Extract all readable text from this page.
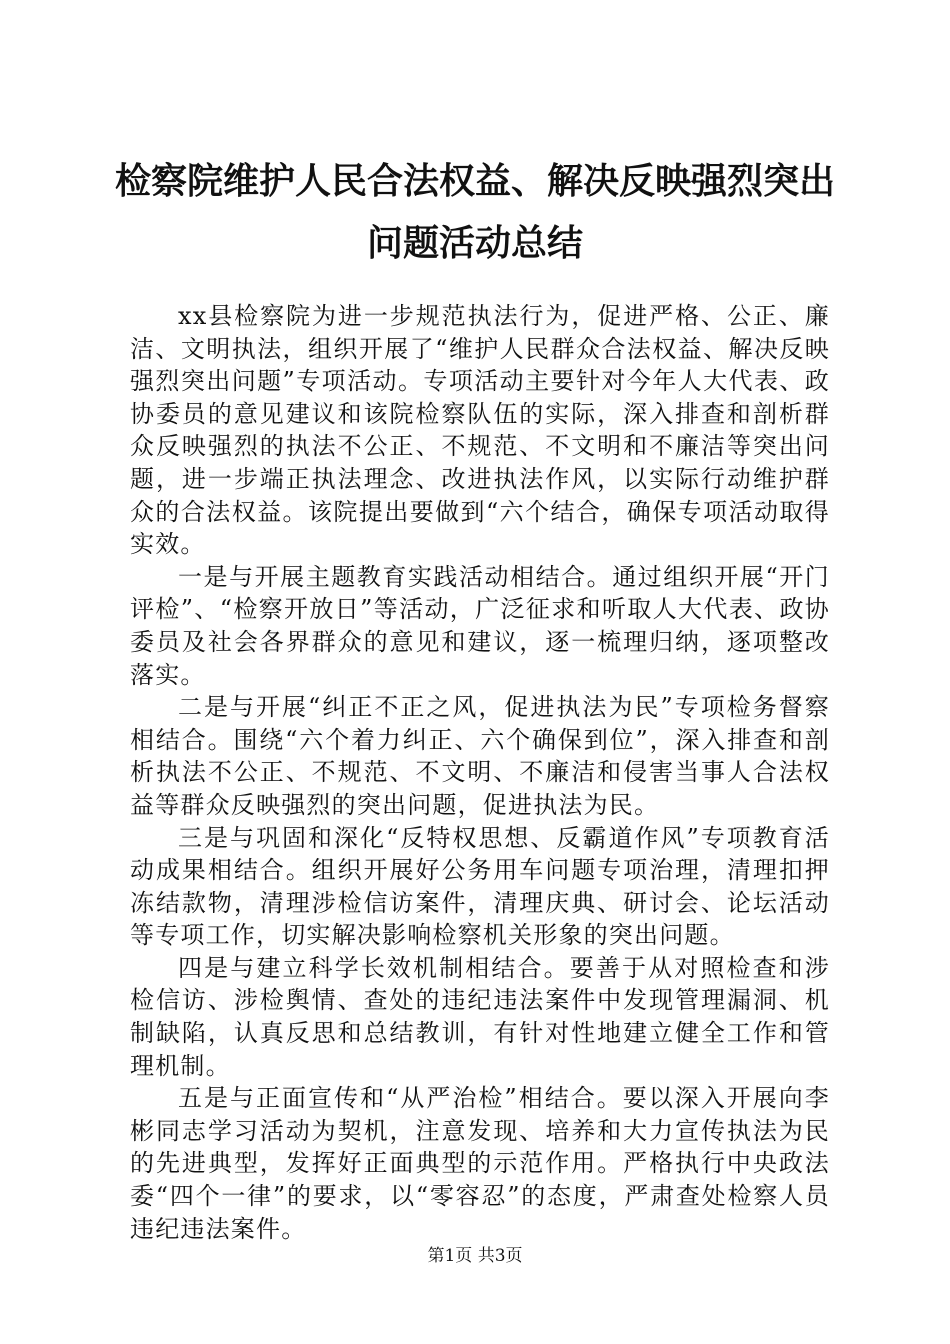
检察院维护人民合法权益、解决反映强烈突出
问题活动总结

xx县检察院为进一步规范执法行为，促进严格、公正、廉洁、文明执法，组织开展了“维护人民群众合法权益、解决反映强烈突出问题”专项活动。专项活动主要针对今年人大代表、政协委员的意见建议和该院检察队伍的实际，深入排查和剖析群众反映强烈的执法不公正、不规范、不文明和不廉洁等突出问题，进一步端正执法理念、改进执法作风，以实际行动维护群众的合法权益。该院提出要做到“六个结合，确保专项活动取得实效。

一是与开展主题教育实践活动相结合。通过组织开展“开门评检”、“检察开放日”等活动，广泛征求和听取人大代表、政协委员及社会各界群众的意见和建议，逐一梳理归纳，逐项整改落实。

二是与开展“纠正不正之风，促进执法为民”专项检务督察相结合。围绕“六个着力纠正、六个确保到位”，深入排查和剖析执法不公正、不规范、不文明、不廉洁和侵害当事人合法权益等群众反映强烈的突出问题，促进执法为民。

三是与巩固和深化“反特权思想、反霸道作风”专项教育活动成果相结合。组织开展好公务用车问题专项治理，清理扣押冻结款物，清理涉检信访案件，清理庆典、研讨会、论坛活动等专项工作，切实解决影响检察机关形象的突出问题。

四是与建立科学长效机制相结合。要善于从对照检查和涉检信访、涉检舆情、查处的违纪违法案件中发现管理漏洞、机制缺陷，认真反思和总结教训，有针对性地建立健全工作和管理机制。

五是与正面宣传和“从严治检”相结合。要以深入开展向李彬同志学习活动为契机，注意发现、培养和大力宣传执法为民的先进典型，发挥好正面典型的示范作用。严格执行中央政法委“四个一律”的要求，以“零容忍”的态度，严肃查处检察人员违纪违法案件。

第1页 共3页
